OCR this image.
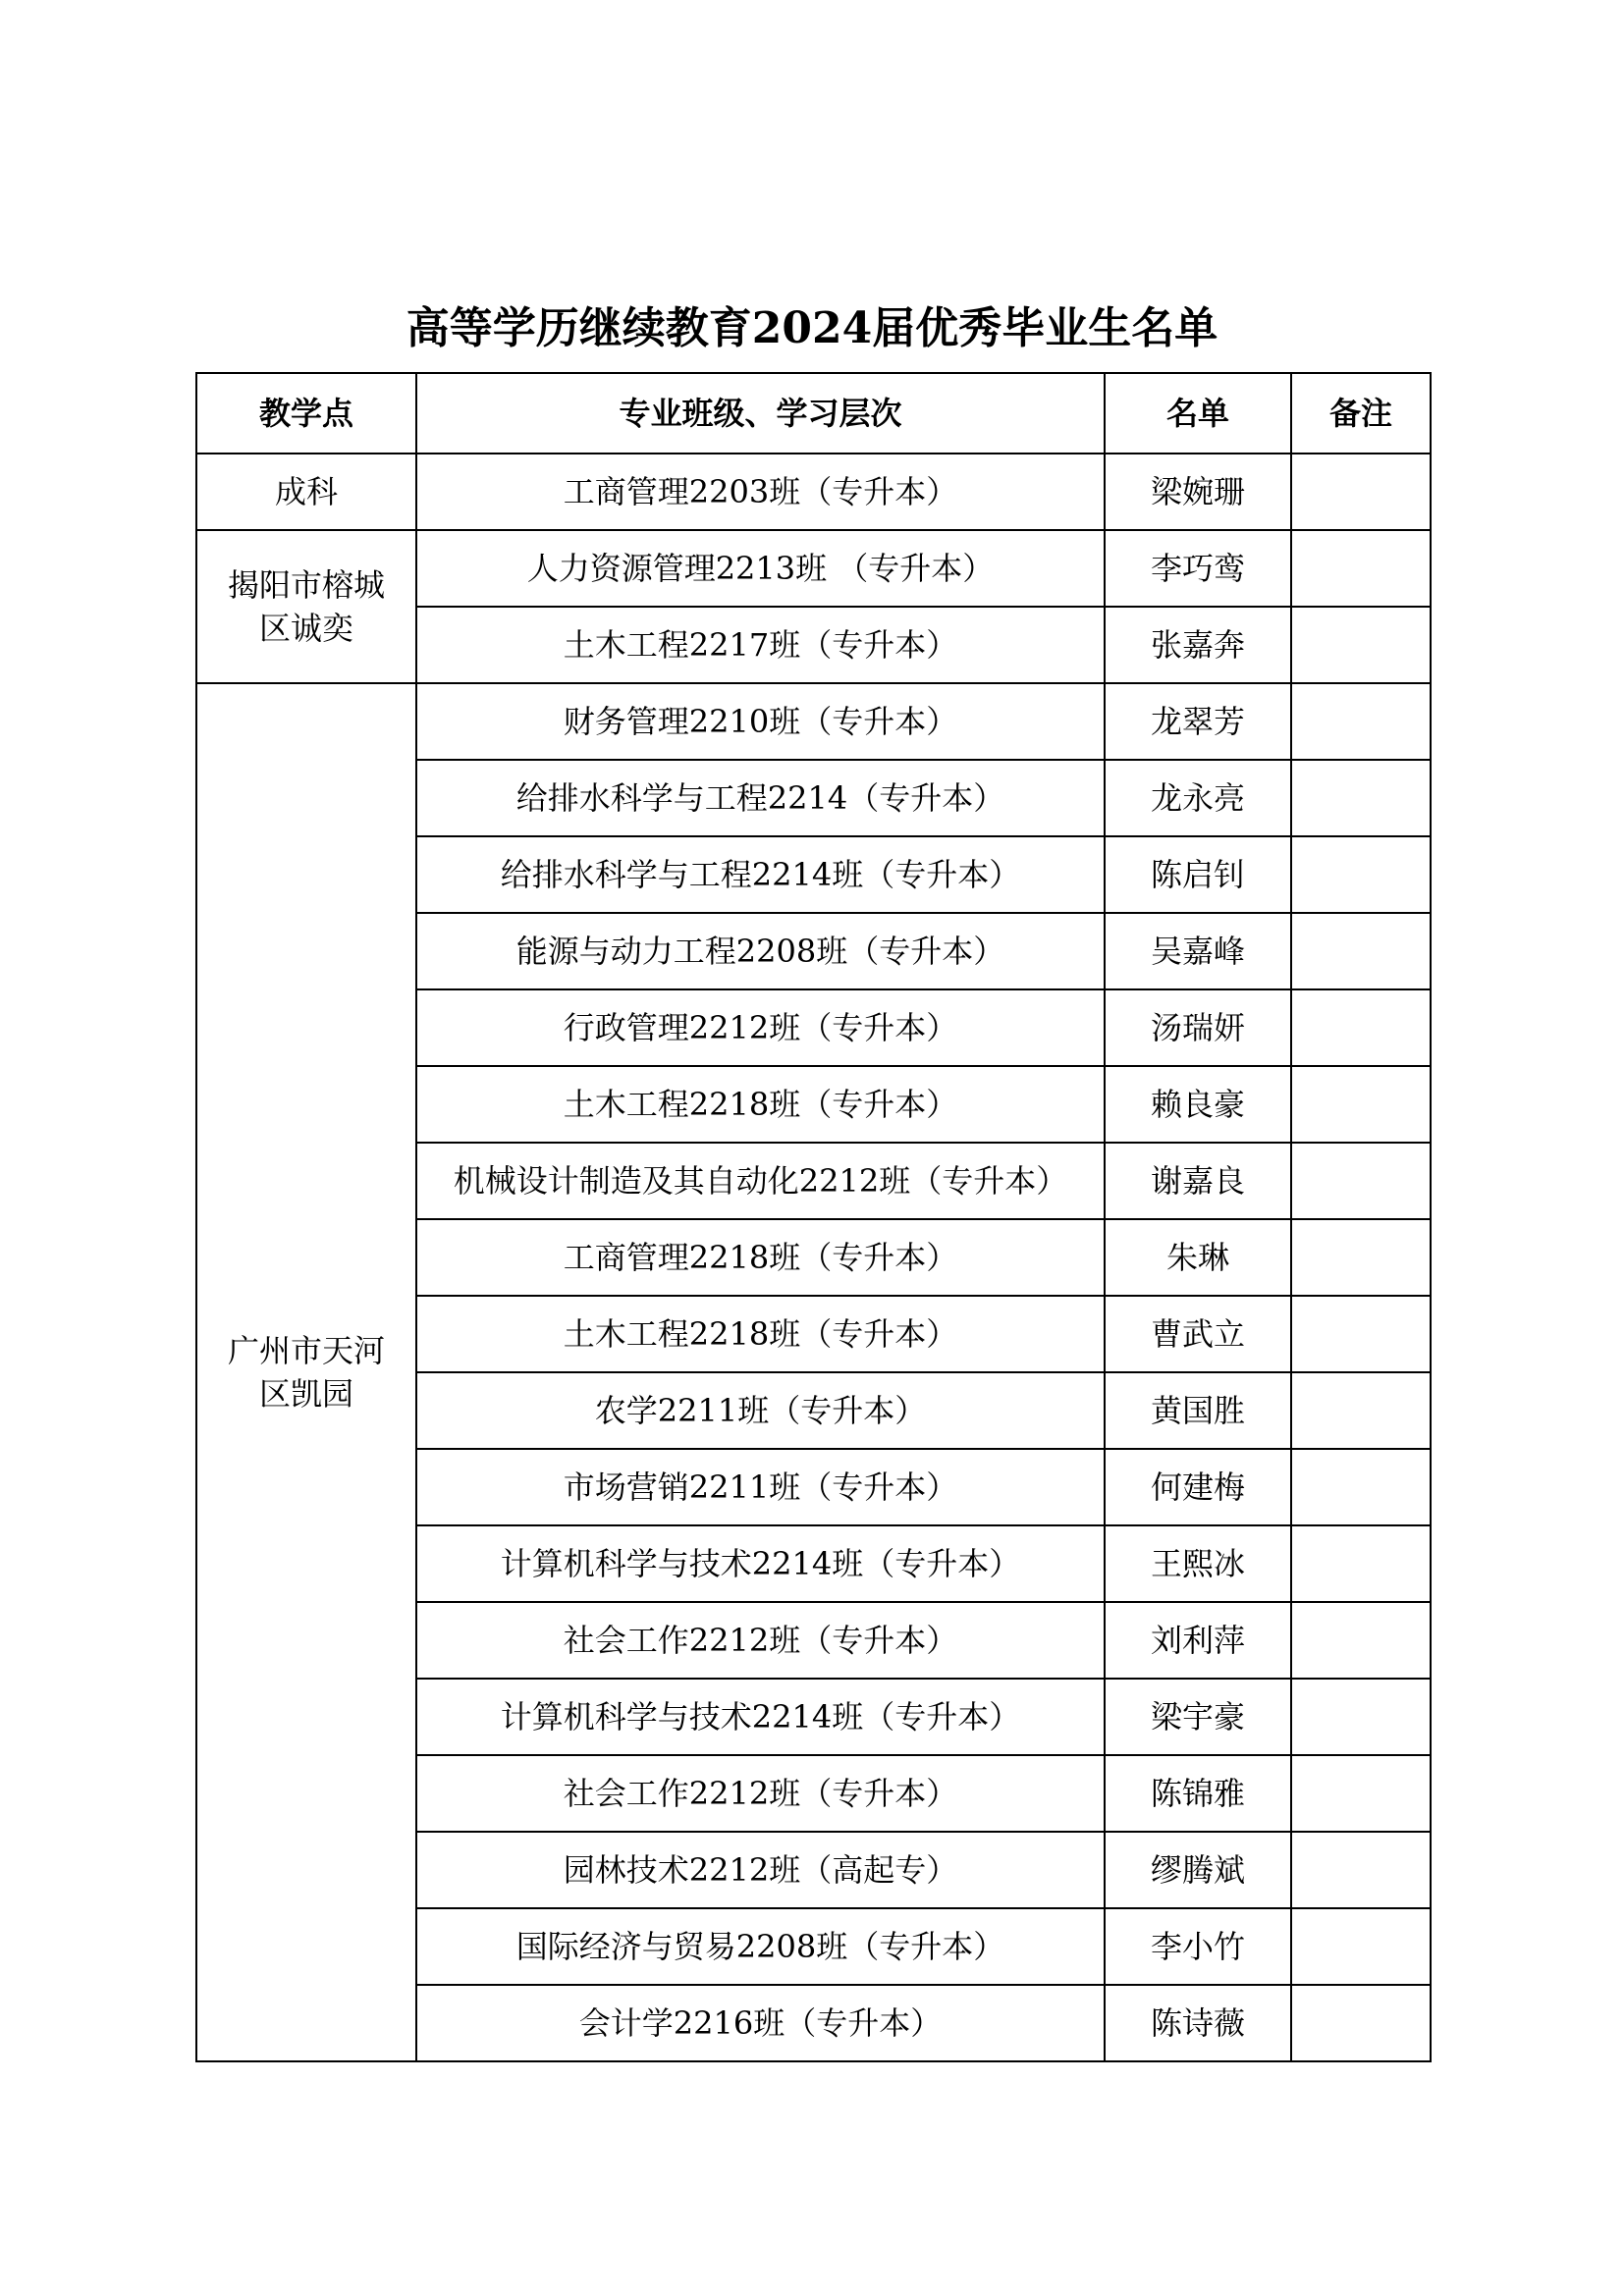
高等学历继续教育2024届优秀毕业生名单
教学点	专业班级、学习层次	名单	备注
成科	工商管理2203班（专升本）	梁婉珊	
揭阳市榕城
区诚奕	人力资源管理2213班 （专升本）	李巧鸾	
	土木工程2217班（专升本）	张嘉奔	
广州市天河
区凯园	财务管理2210班（专升本）	龙翠芳	
	给排水科学与工程2214（专升本）	龙永亮	
	给排水科学与工程2214班（专升本）	陈启钊	
	能源与动力工程2208班（专升本）	吴嘉峰	
	行政管理2212班（专升本）	汤瑞妍	
	土木工程2218班（专升本）	赖良豪	
	机械设计制造及其自动化2212班（专升本）	谢嘉良	
	工商管理2218班（专升本）	朱琳	
	土木工程2218班（专升本）	曹武立	
	农学2211班（专升本）	黄国胜	
	市场营销2211班（专升本）	何建梅	
	计算机科学与技术2214班（专升本）	王熙冰	
	社会工作2212班（专升本）	刘利萍	
	计算机科学与技术2214班（专升本）	梁宇豪	
	社会工作2212班（专升本）	陈锦雅	
	园林技术2212班（高起专）	缪腾斌	
	国际经济与贸易2208班（专升本）	李小竹	
	会计学2216班（专升本）	陈诗薇	
